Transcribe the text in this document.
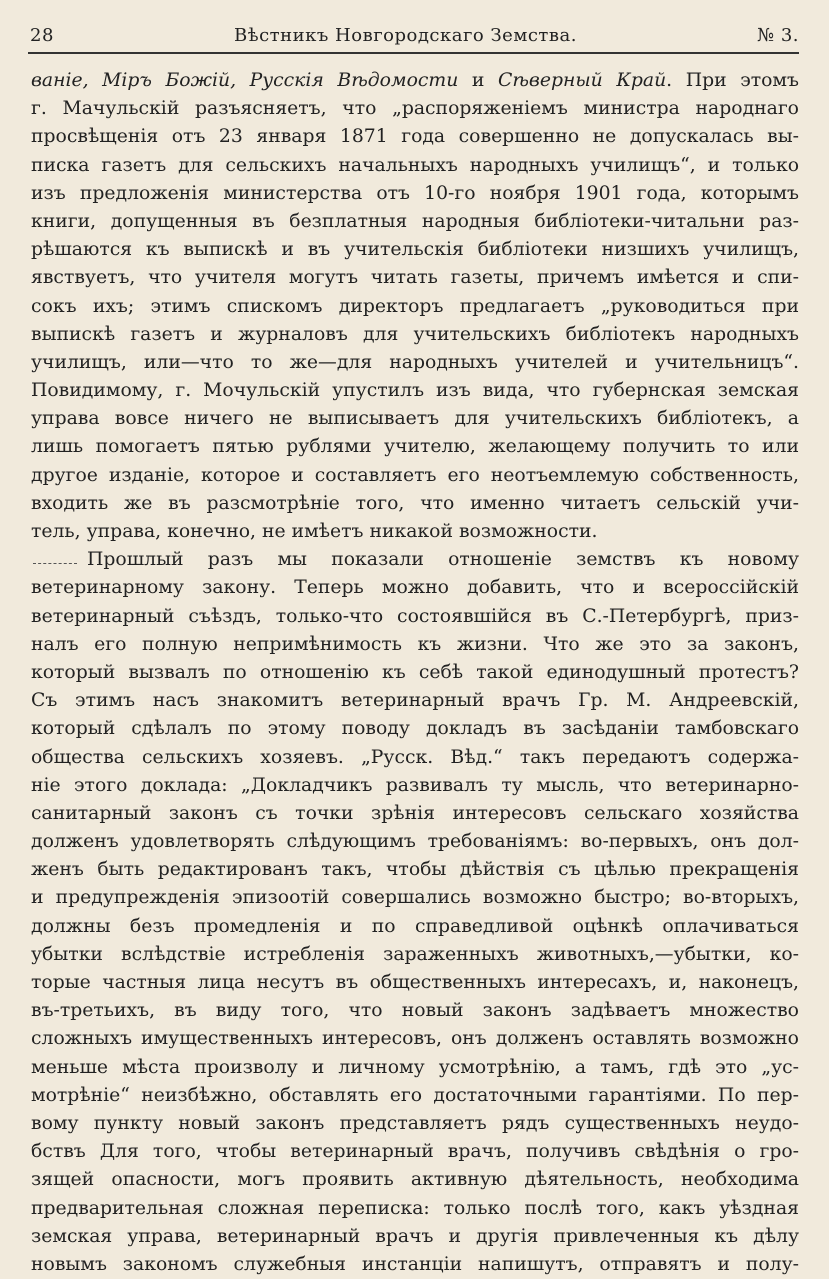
28	Вѣстникъ Новгородскаго Земства.	№ 3.
ваніе, Міръ Божій, Русскія Вѣдомости и Сѣверный Край. При этомъ
г. Мачульскій разъясняетъ, что „распоряженіемъ министра народнаго
просвѣщенія отъ 23 января 1871 года совершенно не допускалась вы-
писка газетъ для сельскихъ начальныхъ народныхъ училищъ“, и только
изъ предложенія министерства отъ 10-го ноября 1901 года, которымъ
книги, допущенныя въ безплатныя народныя библіотеки-читальни раз-
рѣшаются къ выпискѣ и въ учительскія библіотеки низшихъ училищъ,
явствуетъ, что учителя могутъ читать газеты, причемъ имѣется и спи-
сокъ ихъ; этимъ спискомъ директоръ предлагаетъ „руководиться при
выпискѣ газетъ и журналовъ для учительскихъ библіотекъ народныхъ
училищъ, или—что то же—для народныхъ учителей и учительницъ“.
Повидимому, г. Мочульскій упустилъ изъ вида, что губернская земская
управа вовсе ничего не выписываетъ для учительскихъ библіотекъ, а
лишь помогаетъ пятью рублями учителю, желающему получить то или
другое изданіе, которое и составляетъ его неотъемлемую собственность,
входить же въ разсмотрѣніе того, что именно читаетъ сельскій учи-
тель, управа, конечно, не имѣетъ никакой возможности.
Прошлый разъ мы показали отношеніе земствъ къ новому
ветеринарному закону. Теперь можно добавить, что и всероссійскій
ветеринарный съѣздъ, только-что состоявшійся въ С.-Петербургѣ, приз-
налъ его полную непримѣнимость къ жизни. Что же это за законъ,
который вызвалъ по отношенію къ себѣ такой единодушный протестъ?
Съ этимъ насъ знакомитъ ветеринарный врачъ Гр. М. Андреевскій,
который сдѣлалъ по этому поводу докладъ въ засѣданіи тамбовскаго
общества сельскихъ хозяевъ. „Русск. Вѣд.“ такъ передаютъ содержа-
ніе этого доклада: „Докладчикъ развивалъ ту мысль, что ветеринарно-
санитарный законъ съ точки зрѣнія интересовъ сельскаго хозяйства
долженъ удовлетворять слѣдующимъ требованіямъ: во-первыхъ, онъ дол-
женъ быть редактированъ такъ, чтобы дѣйствія съ цѣлью прекращенія
и предупрежденія эпизоотій совершались возможно быстро; во-вторыхъ,
должны безъ промедленія и по справедливой оцѣнкѣ оплачиваться
убытки вслѣдствіе истребленія зараженныхъ животныхъ,—убытки, ко-
торые частныя лица несутъ въ общественныхъ интересахъ, и, наконецъ,
въ-третьихъ, въ виду того, что новый законъ задѣваетъ множество
сложныхъ имущественныхъ интересовъ, онъ долженъ оставлять возможно
меньше мѣста произволу и личному усмотрѣнію, а тамъ, гдѣ это „ус-
мотрѣніе“ неизбѣжно, обставлять его достаточными гарантіями. По пер-
вому пункту новый законъ представляетъ рядъ существенныхъ неудо-
бствъ Для того, чтобы ветеринарный врачъ, получивъ свѣдѣнія о гро-
зящей опасности, могъ проявить активную дѣятельность, необходима
предварительная сложная переписка: только послѣ того, какъ уѣздная
земская управа, ветеринарный врачъ и другія привлеченныя къ дѣлу
новымъ закономъ служебныя инстанціи напишутъ, отправятъ и полу-
